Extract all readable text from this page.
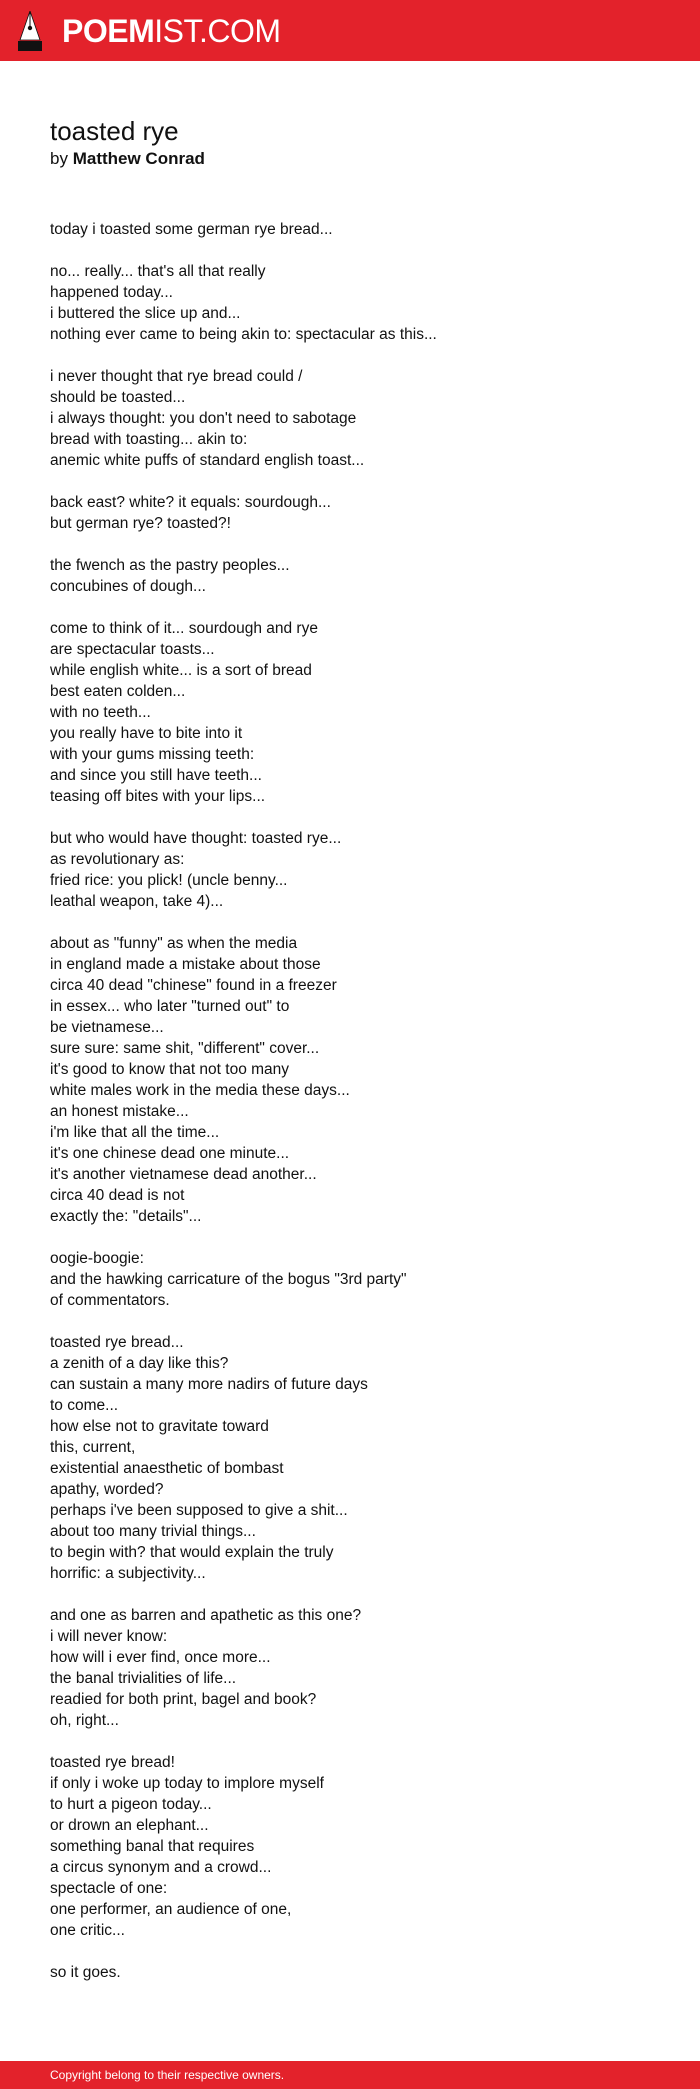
POEMIST.COM
toasted rye
by Matthew Conrad
today i toasted some german rye bread...
no... really... that's all that really
happened today...
i buttered the slice up and...
nothing ever came to being akin to: spectacular as this...
i never thought that rye bread could /
should be toasted...
i always thought: you don't need to sabotage
bread with toasting... akin to:
anemic white puffs of standard english toast...
back east? white? it equals: sourdough...
but german rye? toasted?!
the fwench as the pastry peoples...
concubines of dough...
come to think of it... sourdough and rye
are spectacular toasts...
while english white... is a sort of bread
best eaten colden...
with no teeth...
you really have to bite into it
with your gums missing teeth:
and since you still have teeth...
teasing off bites with your lips...
but who would have thought: toasted rye...
as revolutionary as:
fried rice: you plick! (uncle benny...
leathal weapon, take 4)...
about as "funny" as when the media
in england made a mistake about those
circa 40 dead "chinese" found in a freezer
in essex... who later "turned out" to
be vietnamese...
sure sure: same shit, "different" cover...
it's good to know that not too many
white males work in the media these days...
an honest mistake...
i'm like that all the time...
it's one chinese dead one minute...
it's another vietnamese dead another...
circa 40 dead is not
exactly the: "details"...
oogie-boogie:
and the hawking carricature of the bogus "3rd party"
of commentators.
toasted rye bread...
a zenith of a day like this?
can sustain a many more nadirs of future days
to come...
how else not to gravitate toward
this, current,
existential anaesthetic of bombast
apathy, worded?
perhaps i've been supposed to give a shit...
about too many trivial things...
to begin with? that would explain the truly
horrific: a subjectivity...
and one as barren and apathetic as this one?
i will never know:
how will i ever find, once more...
the banal trivialities of life...
readied for both print, bagel and book?
oh, right...
toasted rye bread!
if only i woke up today to implore myself
to hurt a pigeon today...
or drown an elephant...
something banal that requires
a circus synonym and a crowd...
spectacle of one:
one performer, an audience of one,
one critic...
so it goes.
Copyright belong to their respective owners.
